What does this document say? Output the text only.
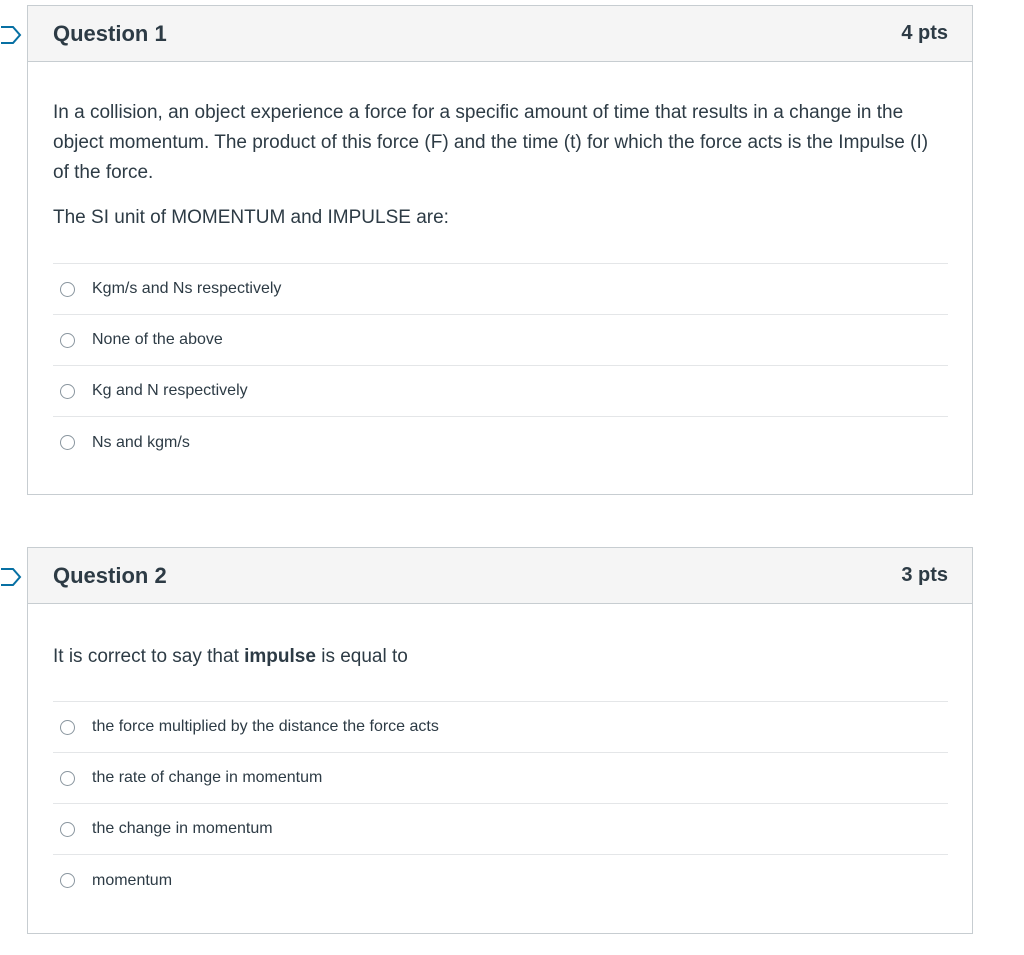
Question 1	4 pts

In a collision, an object experience a force for a specific amount of time that results in a change in the object momentum. The product of this force (F) and the time (t) for which the force acts is the Impulse (I) of the force.

The SI unit of MOMENTUM and IMPULSE are:

Kgm/s and Ns respectively
None of the above
Kg and N respectively
Ns and kgm/s
Question 2	3 pts

It is correct to say that impulse is equal to

the force multiplied by the distance the force acts
the rate of change in momentum
the change in momentum
momentum
